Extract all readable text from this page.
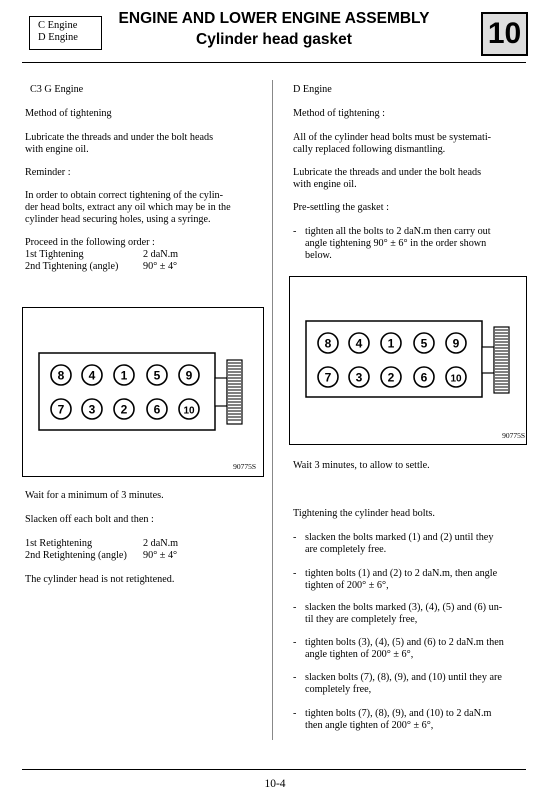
C Engine
D Engine
ENGINE AND LOWER ENGINE ASSEMBLY
Cylinder head gasket	10
C3 G Engine
Method of tightening
Lubricate the threads and under the bolt heads
with engine oil.
Reminder :
In order to obtain correct tightening of the cylin-
der head bolts, extract any oil which may be in the
cylinder head securing holes, using a syringe.
Proceed in the following order :
1st Tightening	2 daN.m
2nd Tightening (angle) 90° ± 4°
8 4 1 5 9
7 3 2 6 10
90775S
Wait for a minimum of 3 minutes.
Slacken off each bolt and then :
1st Retightening	2 daN.m
2nd Retightening (angle) 90° ± 4°
The cylinder head is not retightened.
D Engine
Method of tightening :
All of the cylinder head bolts must be systemati-
cally replaced following dismantling.
Lubricate the threads and under the bolt heads
with engine oil.
Pre-settling the gasket :
- tighten all the bolts to 2 daN.m then carry out
angle tightening 90° ± 6° in the order shown
below.
8 4 1 5 9
7 3 2 6 10
90775S
Wait 3 minutes, to allow to settle.
Tightening the cylinder head bolts.
- slacken the bolts marked (1) and (2) until they
are completely free.
- tighten bolts (1) and (2) to 2 daN.m, then angle
tighten of 200° ± 6°,
- slacken the bolts marked (3), (4), (5) and (6) un-
til they are completely free,
- tighten bolts (3), (4), (5) and (6) to 2 daN.m then
angle tighten of 200° ± 6°,
- slacken bolts (7), (8), (9), and (10) until they are
completely free,
- tighten bolts (7), (8), (9), and (10) to 2 daN.m
then angle tighten of 200° ± 6°,
10-4
